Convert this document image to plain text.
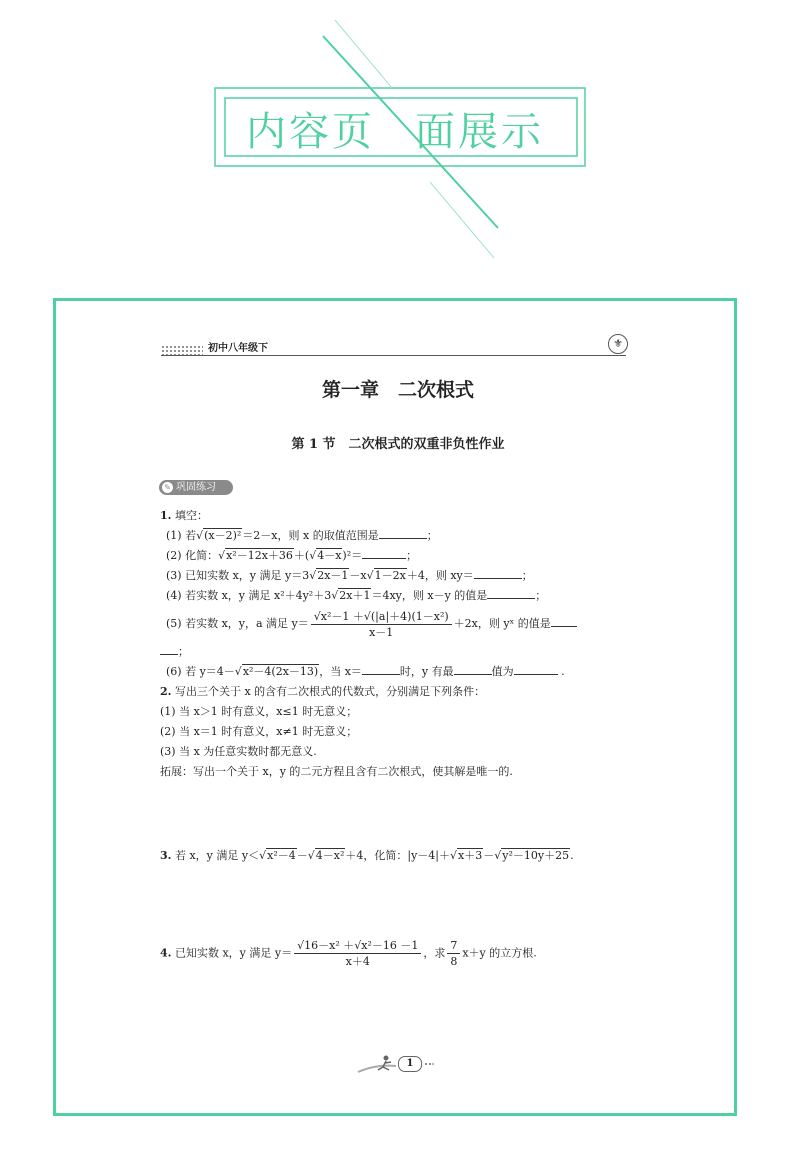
内容页 面展示
初中八年级下	⚜
第一章　二次根式
第 1 节　二次根式的双重非负性作业
✎ 巩固练习
1. 填空：
(1) 若√(x－2)²＝2－x，则 x 的取值范围是	；
(2) 化简：√x²－12x＋36＋(√4－x)²＝	；
(3) 已知实数 x，y 满足 y＝3√2x－1－x√1－2x＋4，则 xy＝	；
(4) 若实数 x，y 满足 x²＋4y²＋3√2x＋1＝4xy，则 x－y 的值是	；
(5) 若实数 x，y，a 满足 $y= \frac{\text{√x²－1 ＋√(|a|＋4)(1－x²)}}{x-1} +2x$，则 yˣ 的值是
；
(6) 若 y＝4－√x²－4(2x－13)，当 x＝	时，y 有最	值为	.
2. 写出三个关于 x 的含有二次根式的代数式，分别满足下列条件：
(1) 当 x＞1 时有意义，x≤1 时无意义；
(2) 当 x＝1 时有意义，x≠1 时无意义；
(3) 当 x 为任意实数时都无意义.
拓展：写出一个关于 x，y 的二元方程且含有二次根式，使其解是唯一的.
3. 若 x，y 满足 y＜√x²－4－√4－x²＋4，化简：|y－4|＋√x＋3－√y²－10y＋25.
4. 已知实数 x，y 满足 $y= \frac{\text{√16－x² ＋√x²－16 －1}}{x+4}$ ，求 $\frac{7}{8} x+y$ 的立方根.
1
